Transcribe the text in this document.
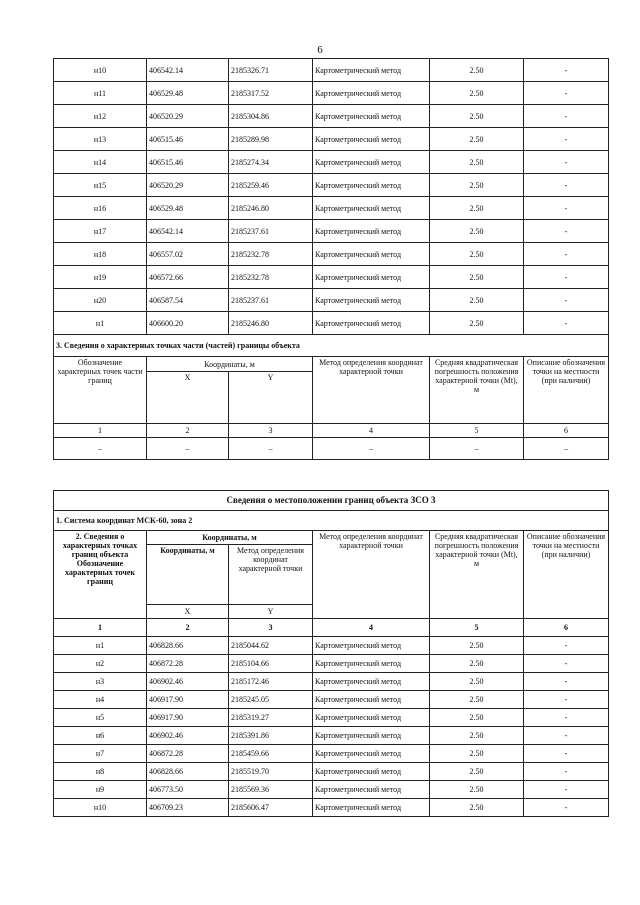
6
н10	406542.14	2185326.71	Картометрический метод	2.50	-
н11	406529.48	2185317.52	Картометрический метод	2.50	-
н12	406520.29	2185304.86	Картометрический метод	2.50	-
н13	406515.46	2185289.98	Картометрический метод	2.50	-
н14	406515.46	2185274.34	Картометрический метод	2.50	-
н15	406520.29	2185259.46	Картометрический метод	2.50	-
н16	406529.48	2185246.80	Картометрический метод	2.50	-
н17	406542.14	2185237.61	Картометрический метод	2.50	-
н18	406557.02	2185232.78	Картометрический метод	2.50	-
н19	406572.66	2185232.78	Картометрический метод	2.50	-
н20	406587.54	2185237.61	Картометрический метод	2.50	-
н1	406600.20	2185246.80	Картометрический метод	2.50	-
3. Сведения о характерных точках части (частей) границы объекта					
Обозначение характерных точек части границ	Координаты, м		Метод определения координат характерной точки	Средняя квадратическая погрешность положения характерной точки (Mt), м	Описание обозначения точки на местности (при наличии)
	X	Y			
1	2	3	4	5	6
–	–	–	–	–	–
Сведения о местоположении границ объекта ЗСО 3					
1. Система координат МСК-60, зона 2					
2. Сведения о характерных точках границ объекта Обозначение характерных точек границ	Координаты, м		Метод определения координат характерной точки	Средняя квадратическая погрешность положения характерной точки (Mt), м	Описание обозначения точки на местности (при наличии)
	Координаты, м	Метод определения координат характерной точки			
	X	Y			
1	2	3	4	5	6
н1	406828.66	2185044.62	Картометрический метод	2.50	-
н2	406872.28	2185104.66	Картометрический метод	2.50	-
н3	406902.46	2185172.46	Картометрический метод	2.50	-
н4	406917.90	2185245.05	Картометрический метод	2.50	-
н5	406917.90	2185319.27	Картометрический метод	2.50	-
н6	406902.46	2185391.86	Картометрический метод	2.50	-
н7	406872.28	2185459.66	Картометрический метод	2.50	-
н8	406828.66	2185519.70	Картометрический метод	2.50	-
н9	406773.50	2185569.36	Картометрический метод	2.50	-
н10	406709.23	2185606.47	Картометрический метод	2.50	-
